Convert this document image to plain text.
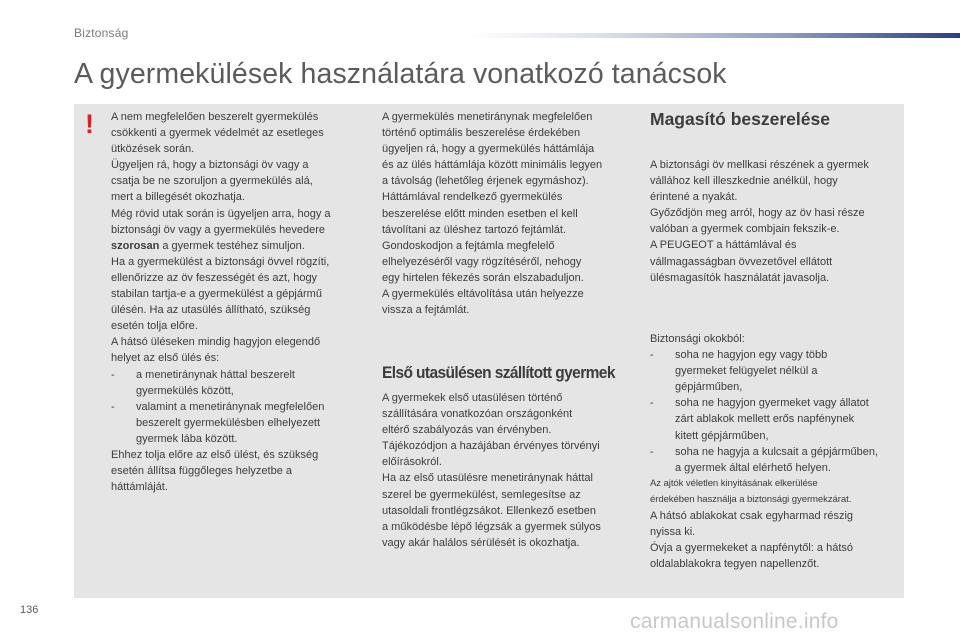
Biztonság
A gyermekülések használatára vonatkozó tanácsok
! A nem megfelelően beszerelt gyermekülés

csökkenti a gyermek védelmét az esetleges

ütközések során.

Ügyeljen rá, hogy a biztonsági öv vagy a

csatja be ne szoruljon a gyermekülés alá,

mert a billegését okozhatja.

Még rövid utak során is ügyeljen arra, hogy a

biztonsági öv vagy a gyermekülés hevedere

szorosan a gyermek testéhez simuljon.

Ha a gyermekülést a biztonsági övvel rögzíti,

ellenőrizze az öv feszességét és azt, hogy

stabilan tartja-e a gyermekülést a gépjármű

ülésén. Ha az utasülés állítható, szükség

esetén tolja előre.

A hátsó üléseken mindig hagyjon elegendő

helyet az első ülés és:

-	a menetiránynak háttal beszerelt

gyermekülés között,

-	valamint a menetiránynak megfelelően

beszerelt gyermekülésben elhelyezett

gyermek lába között.

Ehhez tolja előre az első ülést, és szükség

esetén állítsa függőleges helyzetbe a

háttámláját.

A gyermekülés menetiránynak megfelelően

történő optimális beszerelése érdekében

ügyeljen rá, hogy a gyermekülés háttámlája

és az ülés háttámlája között minimális legyen

a távolság (lehetőleg érjenek egymáshoz).

Háttámlával rendelkező gyermekülés

beszerelése előtt minden esetben el kell

távolítani az üléshez tartozó fejtámlát.

Gondoskodjon a fejtámla megfelelő

elhelyezéséről vagy rögzítéséről, nehogy

egy hirtelen fékezés során elszabaduljon.

A gyermekülés eltávolítása után helyezze

vissza a fejtámlát.

Első utasülésen szállított gyermek

A gyermekek első utasülésen történő

szállítására vonatkozóan országonként

eltérő szabályozás van érvényben.

Tájékozódjon a hazájában érvényes törvényi

előírásokról.

Ha az első utasülésre menetiránynak háttal

szerel be gyermekülést, semlegesítse az

utasoldali frontlégzsákot. Ellenkező esetben

a működésbe lépő légzsák a gyermek súlyos

vagy akár halálos sérülését is okozhatja.

Magasító beszerelése

A biztonsági öv mellkasi részének a gyermek

vállához kell illeszkednie anélkül, hogy

érintené a nyakát.

Győződjön meg arról, hogy az öv hasi része

valóban a gyermek combjain fekszik-e.

A PEUGEOT a háttámlával és

vállmagasságban övvezetővel ellátott

ülésmagasítók használatát javasolja.

Biztonsági okokból:

-	soha ne hagyjon egy vagy több

gyermeket felügyelet nélkül a

gépjárműben,

-	soha ne hagyjon gyermeket vagy állatot

zárt ablakok mellett erős napfénynek

kitett gépjárműben,

-	soha ne hagyja a kulcsait a gépjárműben,

a gyermek által elérhető helyen.

Az ajtók véletlen kinyitásának elkerülése

érdekében használja a biztonsági gyermekzárat.

A hátsó ablakokat csak egyharmad részig

nyissa ki.

Óvja a gyermekeket a napfénytől: a hátsó

oldalablakokra tegyen napellenzőt.

136	carmanualsonline.info
